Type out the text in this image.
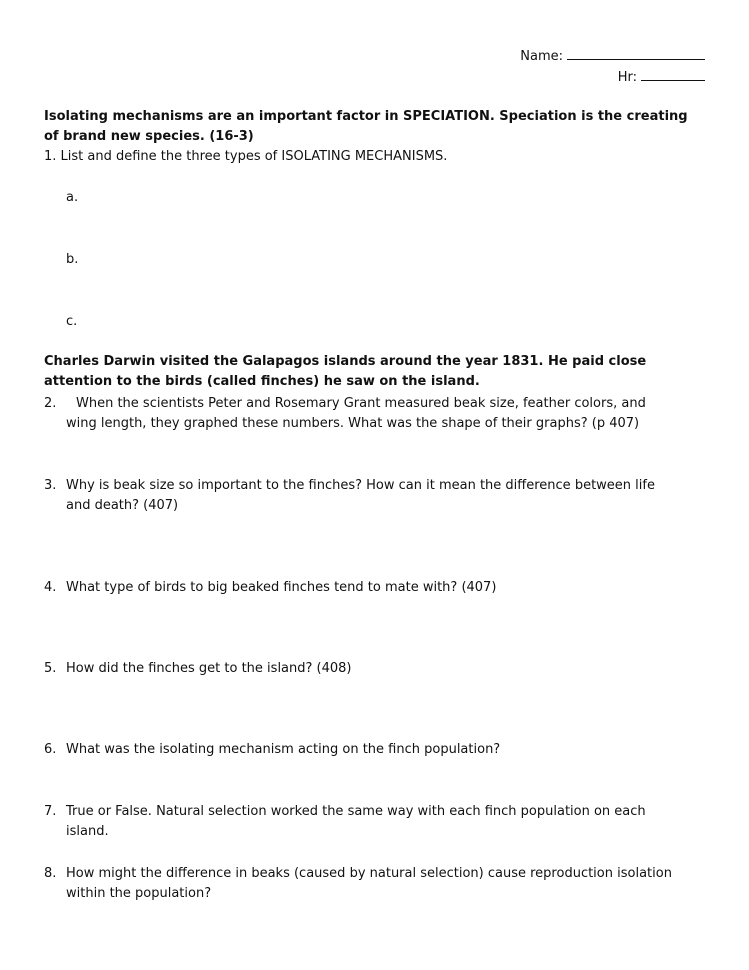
Name:
Hr:
Isolating mechanisms are an important factor in SPECIATION. Speciation is the creating
of brand new species. (16-3)
1. List and define the three types of ISOLATING MECHANISMS.
a.
b.
c.
Charles Darwin visited the Galapagos islands around the year 1831. He paid close
attention to the birds (called finches) he saw on the island.
2. When the scientists Peter and Rosemary Grant measured beak size, feather colors, and
wing length, they graphed these numbers. What was the shape of their graphs? (p 407)
3. Why is beak size so important to the finches? How can it mean the difference between life
and death? (407)
4. What type of birds to big beaked finches tend to mate with? (407)
5. How did the finches get to the island? (408)
6. What was the isolating mechanism acting on the finch population?
7. True or False. Natural selection worked the same way with each finch population on each
island.
8. How might the difference in beaks (caused by natural selection) cause reproduction isolation
within the population?
